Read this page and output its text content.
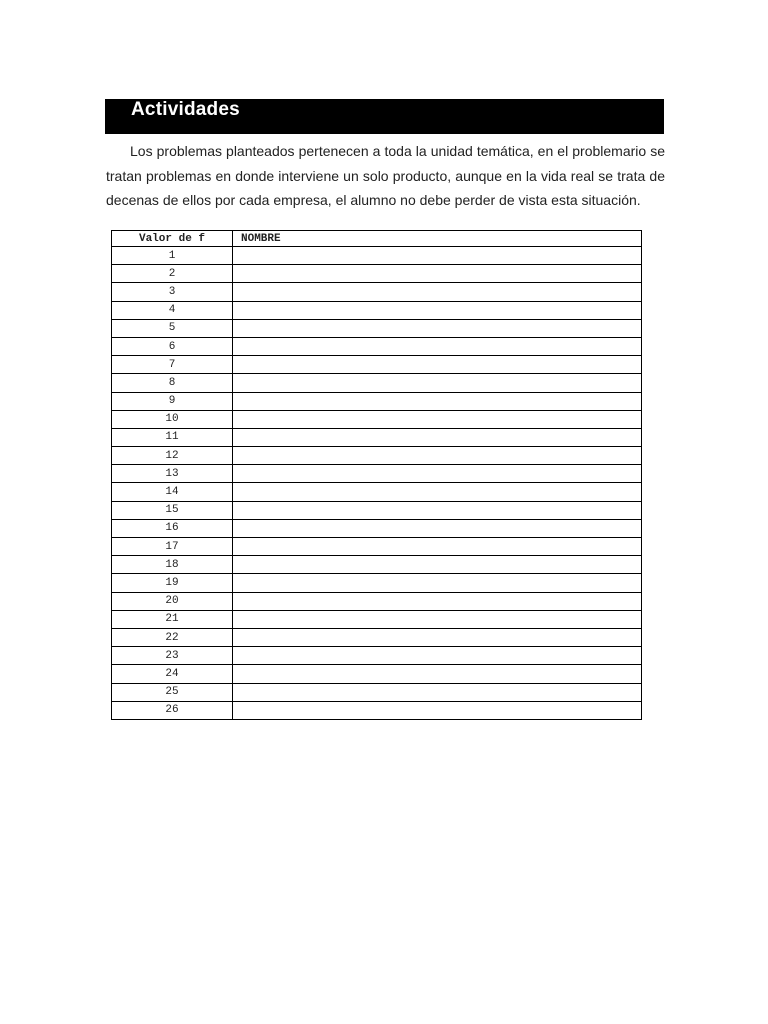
Actividades

Los problemas planteados pertenecen a toda la unidad temática, en el problemario se tratan problemas en donde interviene un solo producto, aunque en la vida real se trata de decenas de ellos por cada empresa, el alumno no debe perder de vista esta situación.

Valor de f	NOMBRE
1	
2	
3	
4	
5	
6	
7	
8	
9	
10	
11	
12	
13	
14	
15	
16	
17	
18	
19	
20	
21	
22	
23	
24	
25	
26	
